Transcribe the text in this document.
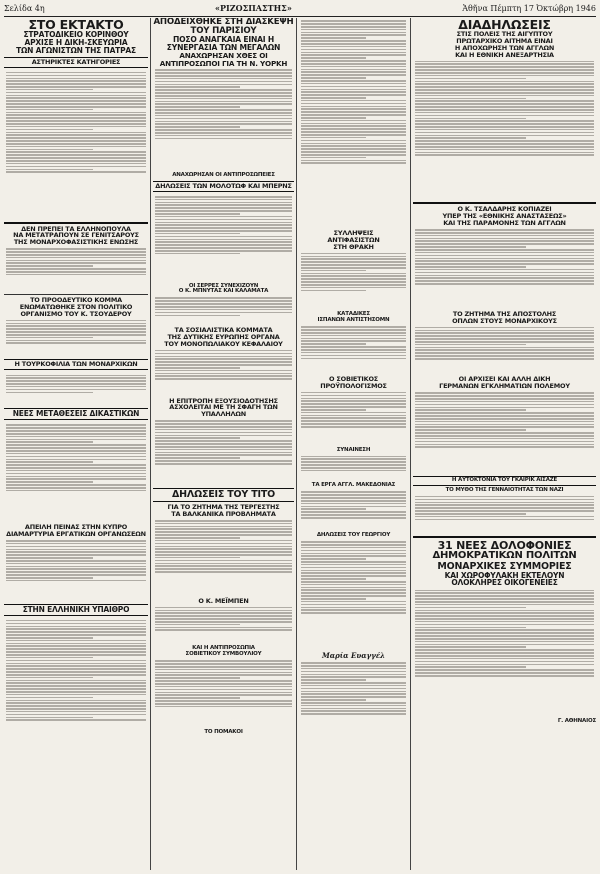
Σελίδα 4η	«ΡΙΖΟΣΠΑΣΤΗΣ»	Ἀθῆνα Πέμπτη 17 Ὀκτώβρη 1946
ΣΤΟ ΕΚΤΑΚΤΟ
ΣΤΡΑΤΟΔΙΚΕΙΟ ΚΟΡΙΝΘΟΥ
ΑΡΧΙΣΕ Η ΔΙΚΗ-ΣΚΕΥΩΡΙΑ
ΤΩΝ ΑΓΩΝΙΣΤΩΝ ΤΗΣ ΠΑΤΡΑΣ
ΑΣΤΗΡΙΚΤΕΣ ΚΑΤΗΓΟΡΙΕΣ
ΔΕΝ ΠΡΕΠΕΙ ΤΑ ΕΛΛΗΝΟΠΟΥΛΑ
ΝΑ ΜΕΤΑΤΡΑΠΟΥΝ ΣΕ ΓΕΝΙΤΣΑΡΟΥΣ
ΤΗΣ ΜΟΝΑΡΧΟΦΑΣΙΣΤΙΚΗΣ ΕΝΩΣΗΣ
ΤΟ ΠΡΟΟΔΕΥΤΙΚΟ ΚΟΜΜΑ
ΕΝΩΜΑΤΩΘΗΚΕ ΣΤΟΝ ΠΟΛΙΤΙΚΟ
ΟΡΓΑΝΙΣΜΟ ΤΟΥ Κ. ΤΣΟΥΔΕΡΟΥ
Η ΤΟΥΡΚΟΦΙΛΙΑ ΤΩΝ ΜΟΝΑΡΧΙΚΩΝ
ΝΕΕΣ ΜΕΤΑΘΕΣΕΙΣ ΔΙΚΑΣΤΙΚΩΝ
ΑΠΕΙΛΗ ΠΕΙΝΑΣ ΣΤΗΝ ΚΥΠΡΟ
ΔΙΑΜΑΡΤΥΡΙΑ ΕΡΓΑΤΙΚΩΝ ΟΡΓΑΝΩΣΕΩΝ
ΣΤΗΝ ΕΛΛΗΝΙΚΗ ΥΠΑΙΘΡΟ
ΑΠΟΔΕΙΧΘΗΚΕ ΣΤΗ ΔΙΑΣΚΕΨΗ ΤΟΥ ΠΑΡΙΣΙΟΥ
ΠΟΣΟ ΑΝΑΓΚΑΙΑ ΕΙΝΑΙ Η ΣΥΝΕΡΓΑΣΙΑ ΤΩΝ ΜΕΓΑΛΩΝ
ΑΝΑΧΩΡΗΣΑΝ ΧΘΕΣ ΟΙ ΑΝΤΙΠΡΟΣΩΠΟΙ ΓΙΑ ΤΗ Ν. ΥΟΡΚΗ
ΑΝΑΧΩΡΗΣΑΝ ΟΙ ΑΝΤΙΠΡΟΣΩΠΕΙΕΣ
ΔΗΛΩΣΕΙΣ ΤΩΝ ΜΟΛΟΤΩΦ ΚΑΙ ΜΠΕΡΝΣ
ΟΙ ΣΕΡΡΕΣ ΣΥΝΕΧΙΖΟΥΝ
Ο Κ. ΜΠΝΥΤΑΣ ΚΑΙ ΚΑΛΑΜΑΤΑ
ΤΑ ΣΟΣΙΑΛΙΣΤΙΚΑ ΚΟΜΜΑΤΑ
ΤΗΣ ΔΥΤΙΚΗΣ ΕΥΡΩΠΗΣ ΟΡΓΑΝΑ
ΤΟΥ ΜΟΝΟΠΩΛΙΑΚΟΥ ΚΕΦΑΛΑΙΟΥ
Η ΕΠΙΤΡΟΠΗ ΕΞΟΥΣΙΟΔΟΤΗΣΗΣ
ΑΣΧΟΛΕΙΤΑΙ ΜΕ ΤΗ ΣΦΑΓΗ ΤΩΝ ΥΠΑΛΛΗΛΩΝ
ΔΗΛΩΣΕΙΣ ΤΟΥ ΤΙΤΟ
ΓΙΑ ΤΟ ΖΗΤΗΜΑ ΤΗΣ ΤΕΡΓΕΣΤΗΣ
ΤΑ ΒΑΛΚΑΝΙΚΑ ΠΡΟΒΛΗΜΑΤΑ
Ο Κ. ΜΕΪΜΠΕΝ
ΚΑΙ Η ΑΝΤΙΠΡΟΣΩΠΙΑ
ΣΟΒΙΕΤΙΚΟΥ ΣΥΜΒΟΥΛΙΟΥ
ΤΟ ΠΟΜΑΚΟΙ
ΣΥΛΛΗΨΕΙΣ
ΑΝΤΙΦΑΣΙΣΤΩΝ
ΣΤΗ ΘΡΑΚΗ
ΚΑΤΑΔΙΚΕΣ
ΙΣΠΑΝΩΝ ΑΝΤΙΣΤΗΣΟΜΝ
Ο ΣΟΒΙΕΤΙΚΟΣ
ΠΡΟΫΠΟΛΟΓΙΣΜΟΣ
ΣΥΝΑΙΝΕΣΗ
ΤΑ ΕΡΓΑ ΑΓΓΛ. ΜΑΚΕΔΟΝΙΑΣ
ΔΗΛΩΣΕΙΣ ΤΟΥ ΓΕΩΡΓΙΟΥ
Μαρία Ευαγγέλ
ΔΙΑΔΗΛΩΣΕΙΣ
ΣΤΙΣ ΠΟΛΕΙΣ ΤΗΣ ΑΙΓΥΠΤΟΥ
ΠΡΩΤΑΡΧΙΚΟ ΑΙΤΗΜΑ ΕΙΝΑΙ
Η ΑΠΟΧΩΡΗΣΗ ΤΩΝ ΑΓΓΛΩΝ
ΚΑΙ Η ΕΘΝΙΚΗ ΑΝΕΞΑΡΤΗΣΙΑ
Ο Κ. ΤΣΑΛΔΑΡΗΣ ΚΟΠΙΑΖΕΙ
ΥΠΕΡ ΤΗΣ «ΕΘΝΙΚΗΣ ΑΝΑΣΤΑΣΕΩΣ»
ΚΑΙ ΤΗΣ ΠΑΡΑΜΟΝΗΣ ΤΩΝ ΑΓΓΛΩΝ
ΤΟ ΖΗΤΗΜΑ ΤΗΣ ΑΠΟΣΤΟΛΗΣ
ΟΠΛΩΝ ΣΤΟΥΣ ΜΟΝΑΡΧΙΚΟΥΣ
ΟΙ ΑΡΧΙΣΕΙ ΚΑΙ ΑΛΛΗ ΔΙΚΗ
ΓΕΡΜΑΝΩΝ ΕΓΚΛΗΜΑΤΙΩΝ ΠΟΛΕΜΟΥ
Η ΑΥΤΟΚΤΟΝΙΑ ΤΟΥ ΓΚΑΙΡΙΚ ΑΙΣΑΖΕ
ΤΟ ΜΥΘΟ ΤΗΣ ΓΕΝΝΑΙΟΤΗΤΑΣ ΤΩΝ ΝΑΖΙ
31 ΝΕΕΣ ΔΟΛΟΦΟΝΙΕΣ
ΔΗΜΟΚΡΑΤΙΚΩΝ ΠΟΛΙΤΩΝ
ΜΟΝΑΡΧΙΚΕΣ ΣΥΜΜΟΡΙΕΣ
ΚΑΙ ΧΩΡΟΦΥΛΑΚΗ ΕΚΤΕΛΟΥΝ
ΟΛΟΚΛΗΡΕΣ ΟΙΚΟΓΕΝΕΙΕΣ
Γ. ΑΘΗΝΑΙΟΣ
